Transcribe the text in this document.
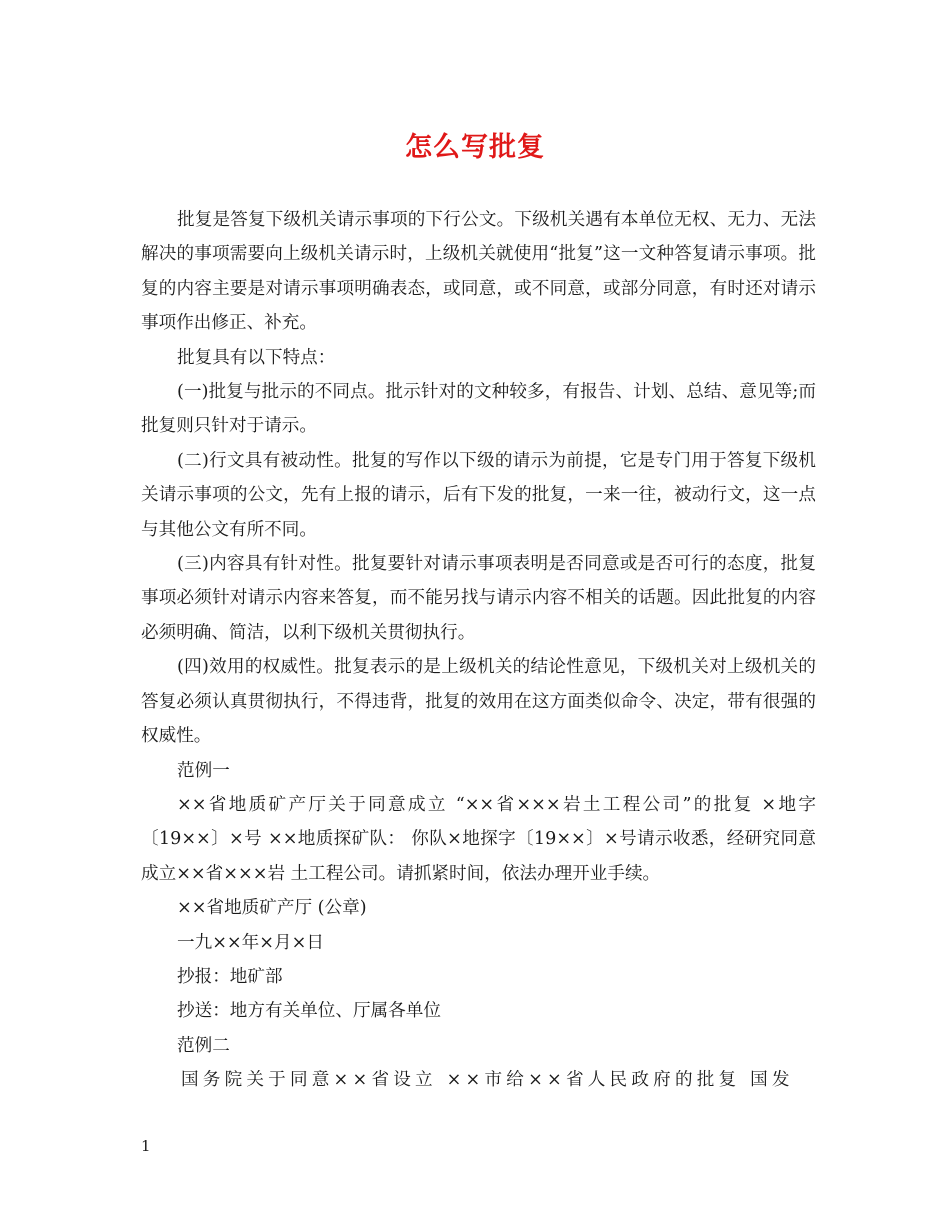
怎么写批复

批复是答复下级机关请示事项的下行公文。下级机关遇有本单位无权、无力、无法解决的事项需要向上级机关请示时，上级机关就使用“批复”这一文种答复请示事项。批复的内容主要是对请示事项明确表态，或同意，或不同意，或部分同意，有时还对请示事项作出修正、补充。

批复具有以下特点：

(一)批复与批示的不同点。批示针对的文种较多，有报告、计划、总结、意见等;而批复则只针对于请示。

(二)行文具有被动性。批复的写作以下级的请示为前提，它是专门用于答复下级机关请示事项的公文，先有上报的请示，后有下发的批复，一来一往，被动行文，这一点与其他公文有所不同。

(三)内容具有针对性。批复要针对请示事项表明是否同意或是否可行的态度，批复事项必须针对请示内容来答复，而不能另找与请示内容不相关的话题。因此批复的内容必须明确、简洁，以利下级机关贯彻执行。

(四)效用的权威性。批复表示的是上级机关的结论性意见，下级机关对上级机关的答复必须认真贯彻执行，不得违背，批复的效用在这方面类似命令、决定，带有很强的权威性。

范例一

××省地质矿产厅关于同意成立 “××省×××岩土工程公司”的批复 ×地字〔19××〕×号 ××地质探矿队： 你队×地探字〔19××〕×号请示收悉，经研究同意成立××省×××岩 土工程公司。请抓紧时间，依法办理开业手续。

××省地质矿产厅 (公章)

一九××年×月×日

抄报：地矿部

抄送：地方有关单位、厅属各单位

范例二

国务院关于同意××省设立 ××市给××省人民政府的批复 国发

1
